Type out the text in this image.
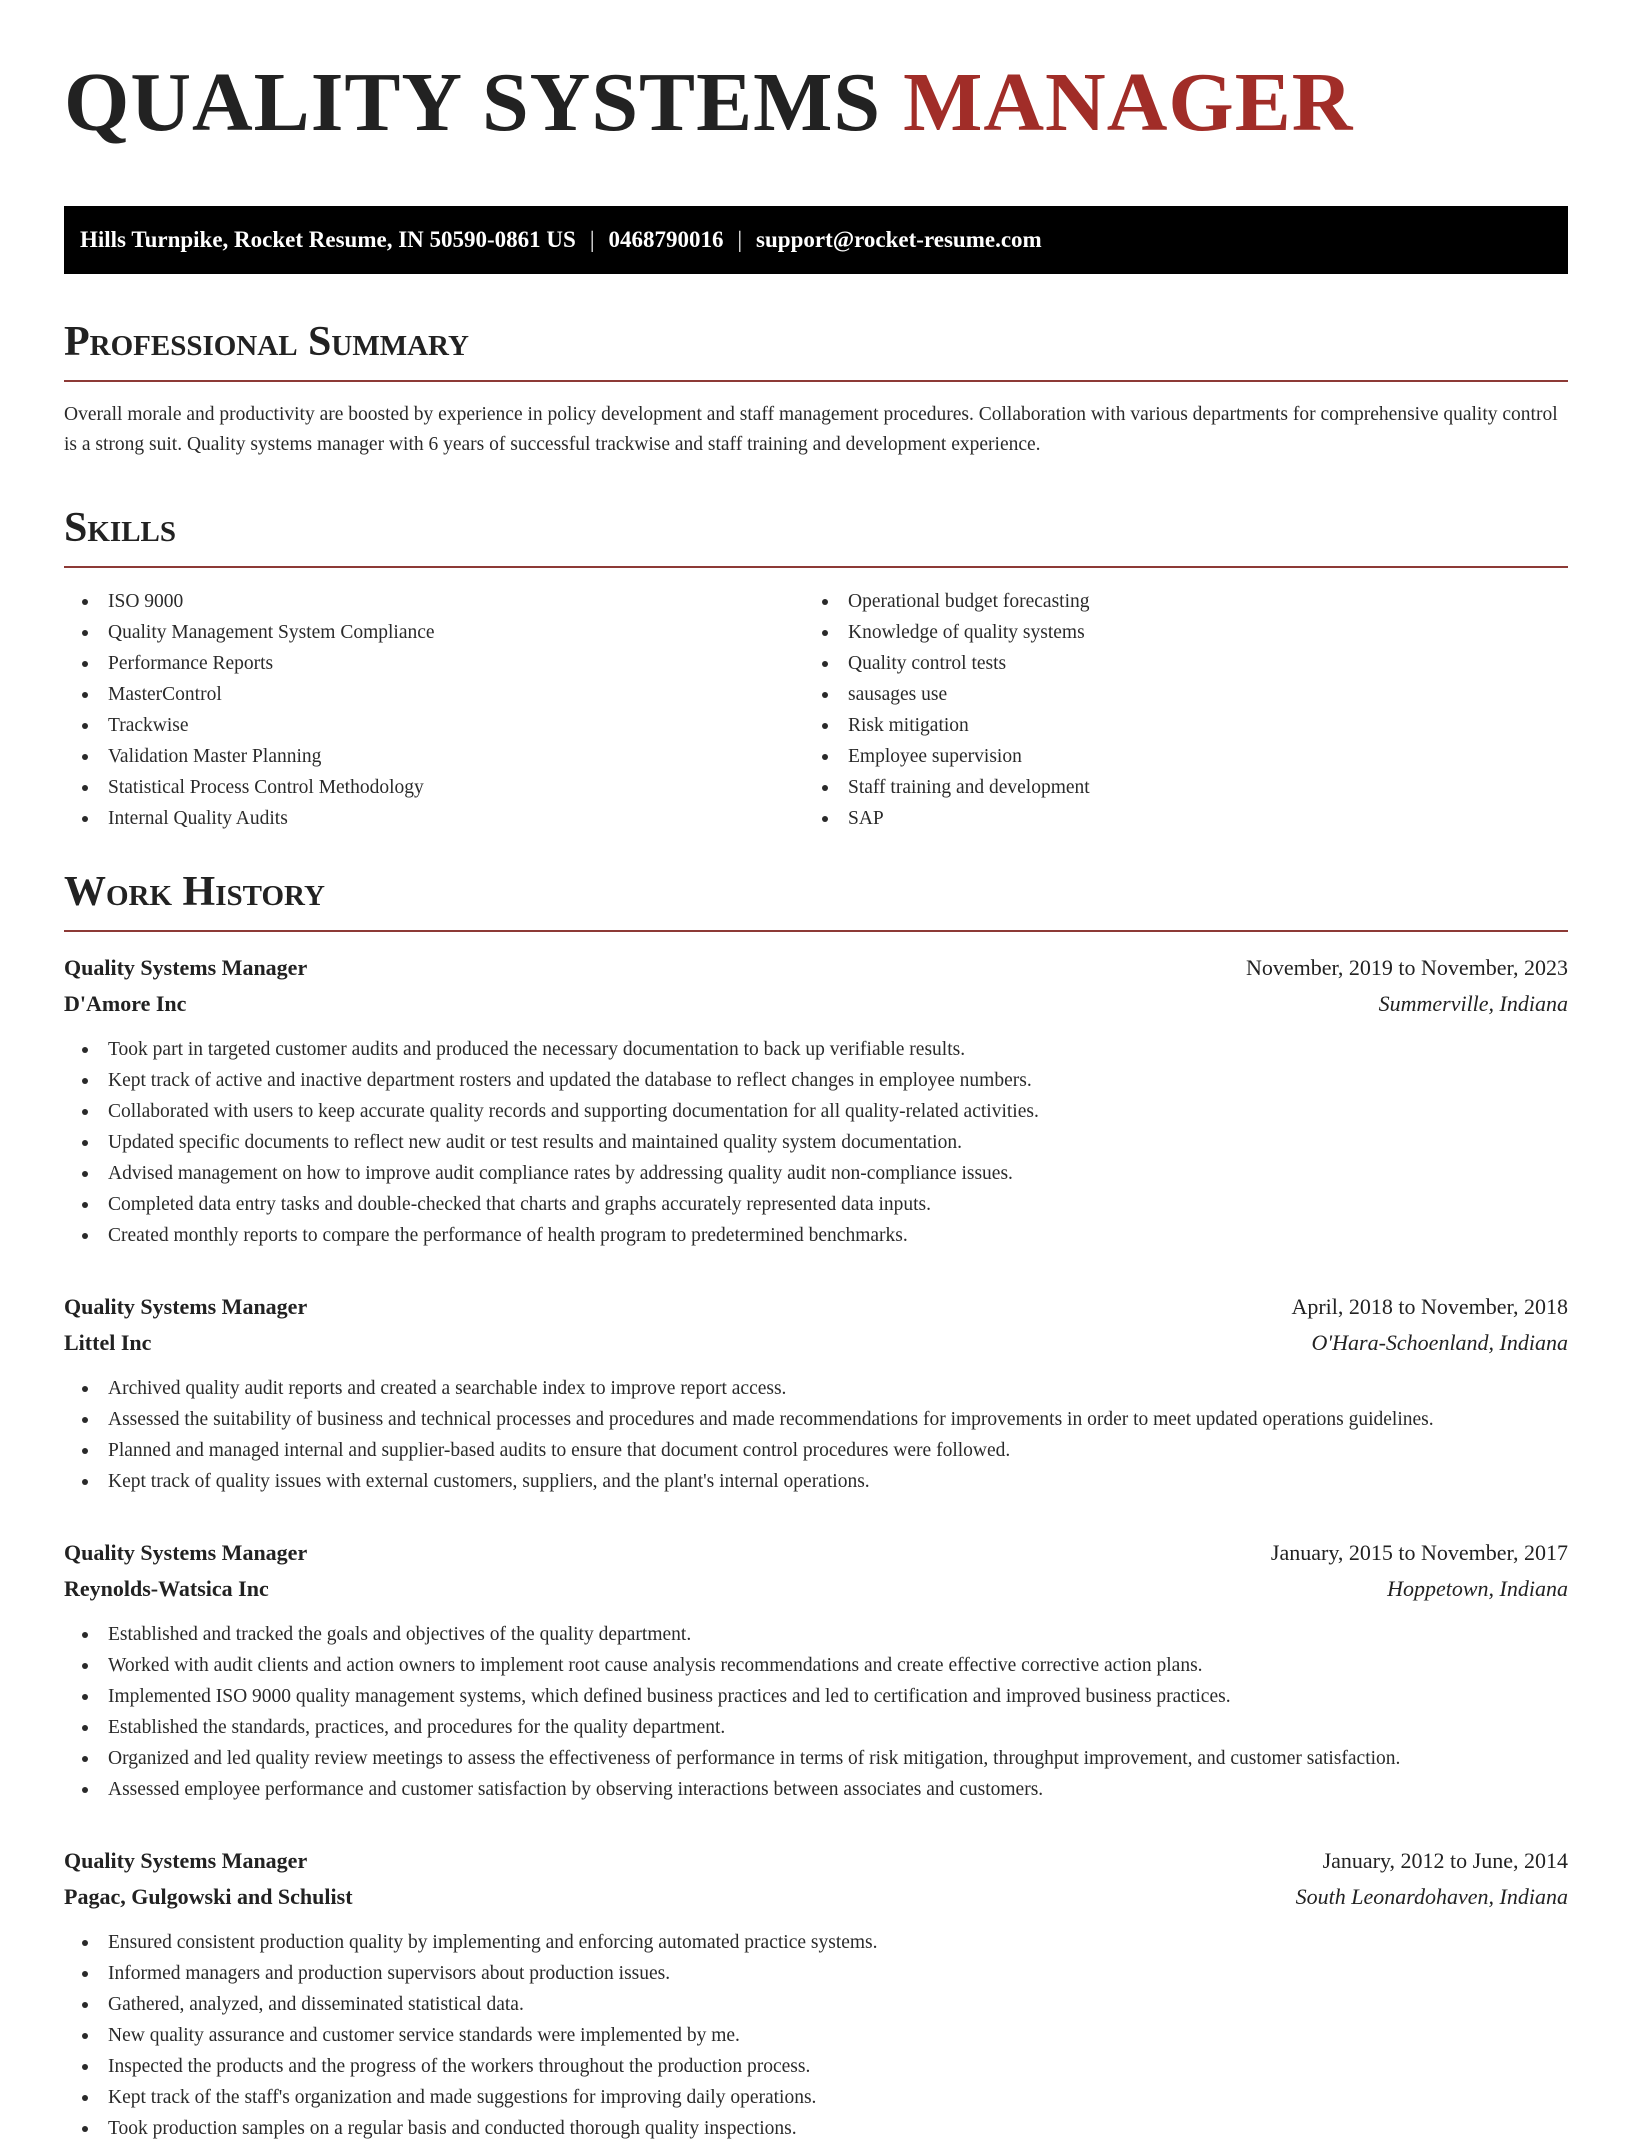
QUALITY SYSTEMS MANAGER
Hills Turnpike, Rocket Resume, IN 50590-0861 US | 0468790016 | support@rocket-resume.com
Professional Summary

Overall morale and productivity are boosted by experience in policy development and staff management procedures. Collaboration with various departments for comprehensive quality control is a strong suit. Quality systems manager with 6 years of successful trackwise and staff training and development experience.

Skills
ISO 9000
Quality Management System Compliance
Performance Reports
MasterControl
Trackwise
Validation Master Planning
Statistical Process Control Methodology
Internal Quality Audits
Operational budget forecasting
Knowledge of quality systems
Quality control tests
sausages use
Risk mitigation
Employee supervision
Staff training and development
SAP
Work History
Quality Systems Manager	November, 2019 to November, 2023
D'Amore Inc	Summerville, Indiana
Took part in targeted customer audits and produced the necessary documentation to back up verifiable results.
Kept track of active and inactive department rosters and updated the database to reflect changes in employee numbers.
Collaborated with users to keep accurate quality records and supporting documentation for all quality-related activities.
Updated specific documents to reflect new audit or test results and maintained quality system documentation.
Advised management on how to improve audit compliance rates by addressing quality audit non-compliance issues.
Completed data entry tasks and double-checked that charts and graphs accurately represented data inputs.
Created monthly reports to compare the performance of health program to predetermined benchmarks.
Quality Systems Manager	April, 2018 to November, 2018
Littel Inc	O'Hara-Schoenland, Indiana
Archived quality audit reports and created a searchable index to improve report access.
Assessed the suitability of business and technical processes and procedures and made recommendations for improvements in order to meet updated operations guidelines.
Planned and managed internal and supplier-based audits to ensure that document control procedures were followed.
Kept track of quality issues with external customers, suppliers, and the plant's internal operations.
Quality Systems Manager	January, 2015 to November, 2017
Reynolds-Watsica Inc	Hoppetown, Indiana
Established and tracked the goals and objectives of the quality department.
Worked with audit clients and action owners to implement root cause analysis recommendations and create effective corrective action plans.
Implemented ISO 9000 quality management systems, which defined business practices and led to certification and improved business practices.
Established the standards, practices, and procedures for the quality department.
Organized and led quality review meetings to assess the effectiveness of performance in terms of risk mitigation, throughput improvement, and customer satisfaction.
Assessed employee performance and customer satisfaction by observing interactions between associates and customers.
Quality Systems Manager	January, 2012 to June, 2014
Pagac, Gulgowski and Schulist	South Leonardohaven, Indiana
Ensured consistent production quality by implementing and enforcing automated practice systems.
Informed managers and production supervisors about production issues.
Gathered, analyzed, and disseminated statistical data.
New quality assurance and customer service standards were implemented by me.
Inspected the products and the progress of the workers throughout the production process.
Kept track of the staff's organization and made suggestions for improving daily operations.
Took production samples on a regular basis and conducted thorough quality inspections.
